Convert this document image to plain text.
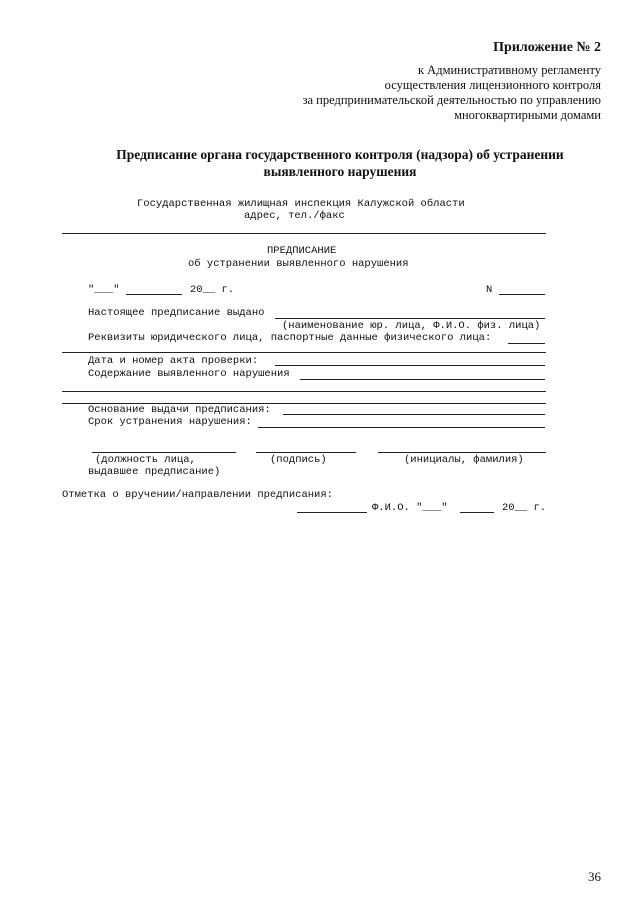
Приложение № 2
к Административному регламенту
осуществления лицензионного контроля
за предпринимательской деятельностью по управлению
многоквартирными домами
Предписание органа государственного контроля (надзора) об устранении
выявленного нарушения
Государственная жилищная инспекция Калужской области
адрес, тел./факс
ПРЕДПИСАНИЕ
об устранении выявленного нарушения
"___"	20__ г.	N
Настоящее предписание выдано
(наименование юр. лица, Ф.И.О. физ. лица)
Реквизиты юридического лица, паспортные данные физического лица:
Дата и номер акта проверки:
Содержание выявленного нарушения
Основание выдачи предписания:
Срок устранения нарушения:
(должность лица,
выдавшее предписание)
(подпись)	(инициалы, фамилия)
Отметка о вручении/направлении предписания:
Ф.И.О. "___"	20__ г.
36
